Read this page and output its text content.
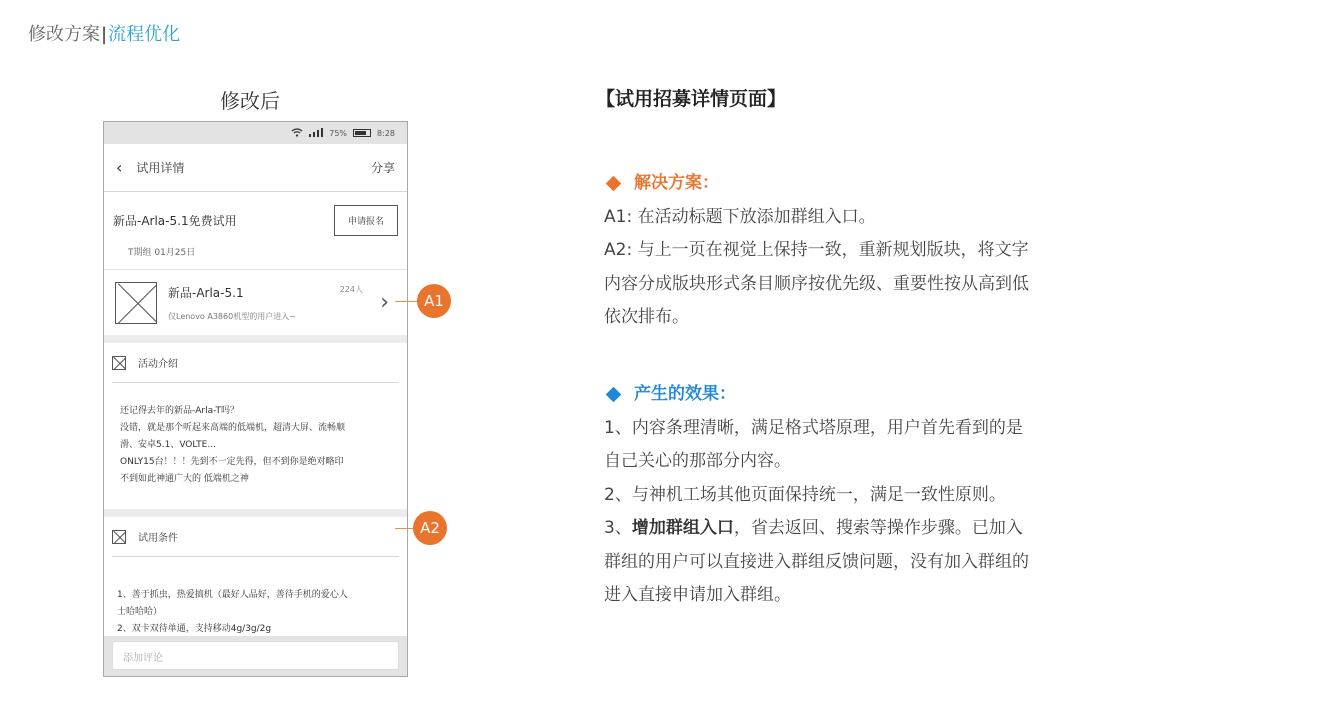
修改方案|流程优化
修改后
75%	8:28
‹ 试用详情	分享
新品-Arla-5.1免费试用	申请报名
T期组 01月25日
新品-Arla-5.1
仅Lenovo A3860机型的用户进入~
224人
›
活动介绍
还记得去年的新品-Arla-T吗？
没错，就是那个听起来高端的低端机，超清大屏、流畅顺
滑、安卓5.1、VOLTE...
ONLY15台！！！先到不一定先得，但不到你是绝对略印
不到如此神通广大的 低端机之神
试用条件
1、善于抓虫，热爱搞机（最好人品好，善待手机的爱心人
士哈哈哈）
2、双卡双待单通，支持移动4g/3g/2g
添加评论
A1
A2
【试用招募详情页面】
解决方案：
A1: 在活动标题下放添加群组入口。
A2: 与上一页在视觉上保持一致，重新规划版块，将文字
内容分成版块形式条目顺序按优先级、重要性按从高到低
依次排布。
产生的效果：
1、内容条理清晰，满足格式塔原理，用户首先看到的是
自己关心的那部分内容。
2、与神机工场其他页面保持统一，满足一致性原则。
3、增加群组入口，省去返回、搜索等操作步骤。已加入
群组的用户可以直接进入群组反馈问题，没有加入群组的
进入直接申请加入群组。
